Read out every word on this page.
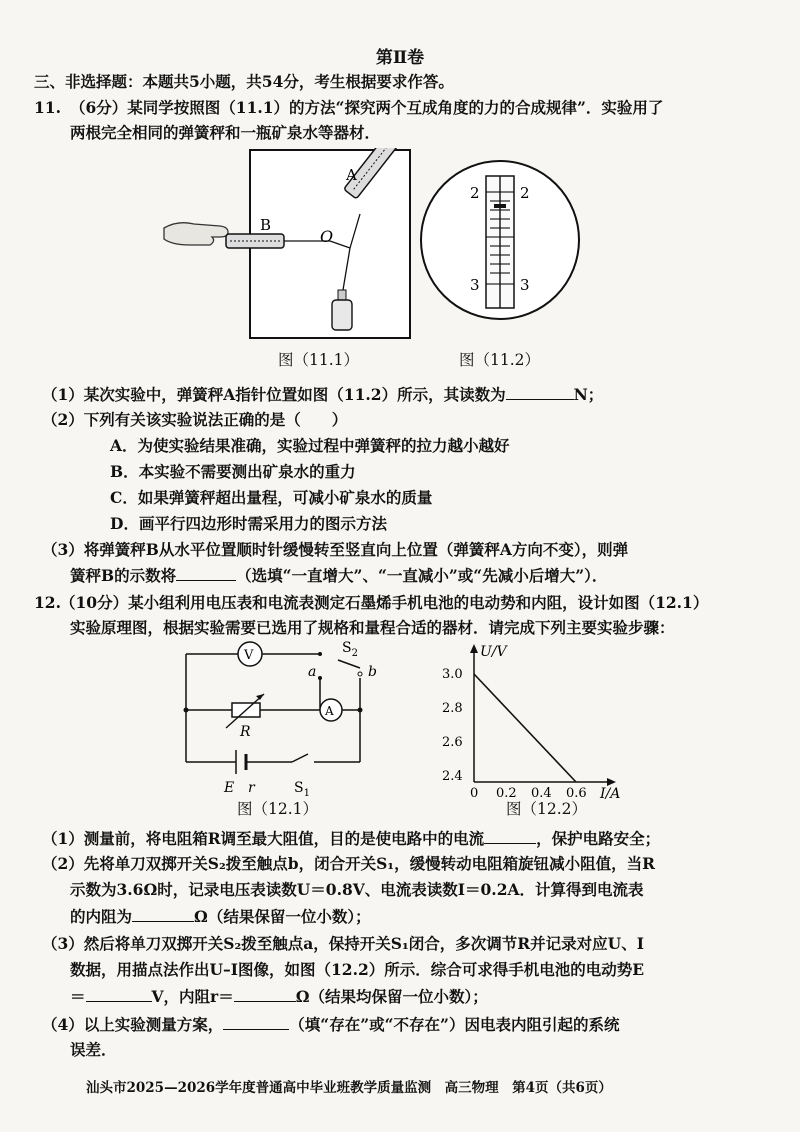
第Ⅱ卷
三、非选择题：本题共5小题，共54分，考生根据要求作答。
11. （6分）某同学按照图（11.1）的方法“探究两个互成角度的力的合成规律”．实验用了
两根完全相同的弹簧秤和一瓶矿泉水等器材．
A
B
O
图（11.1）
2	2
3	3
图（11.2）
（1）某次实验中，弹簧秤A指针位置如图（11.2）所示，其读数为	N；
（2）下列有关该实验说法正确的是（　　）
A．为使实验结果准确，实验过程中弹簧秤的拉力越小越好
B．本实验不需要测出矿泉水的重力
C．如果弹簧秤超出量程，可减小矿泉水的质量
D．画平行四边形时需采用力的图示方法
（3）将弹簧秤B从水平位置顺时针缓慢转至竖直向上位置（弹簧秤A方向不变），则弹
簧秤B的示数将	（选填“一直增大”、“一直减小”或“先减小后增大”）．
12. （10分）某小组利用电压表和电流表测定石墨烯手机电池的电动势和内阻，设计如图（12.1）
实验原理图，根据实验需要已选用了规格和量程合适的器材．请完成下列主要实验步骤：
V
A
a	b
$S_2$
R
E r	$S_1$
图（12.1）
U/V
I/A
3.0
2.8
2.6
2.4
0 0.2 0.4 0.6
图（12.2）
（1）测量前，将电阻箱R调至最大阻值，目的是使电路中的电流	，保护电路安全；
（2）先将单刀双掷开关S₂拨至触点b，闭合开关S₁，缓慢转动电阻箱旋钮减小阻值，当R
示数为3.6Ω时，记录电压表读数U＝0.8V、电流表读数I＝0.2A．计算得到电流表
的内阻为	Ω（结果保留一位小数）；
（3）然后将单刀双掷开关S₂拨至触点a，保持开关S₁闭合，多次调节R并记录对应U、I
数据，用描点法作出U–I图像，如图（12.2）所示．综合可求得手机电池的电动势E
＝	V，内阻r＝	Ω（结果均保留一位小数）；
（4）以上实验测量方案，	（填“存在”或“不存在”）因电表内阻引起的系统
误差．
汕头市2025—2026学年度普通高中毕业班教学质量监测　高三物理　第4页（共6页）
